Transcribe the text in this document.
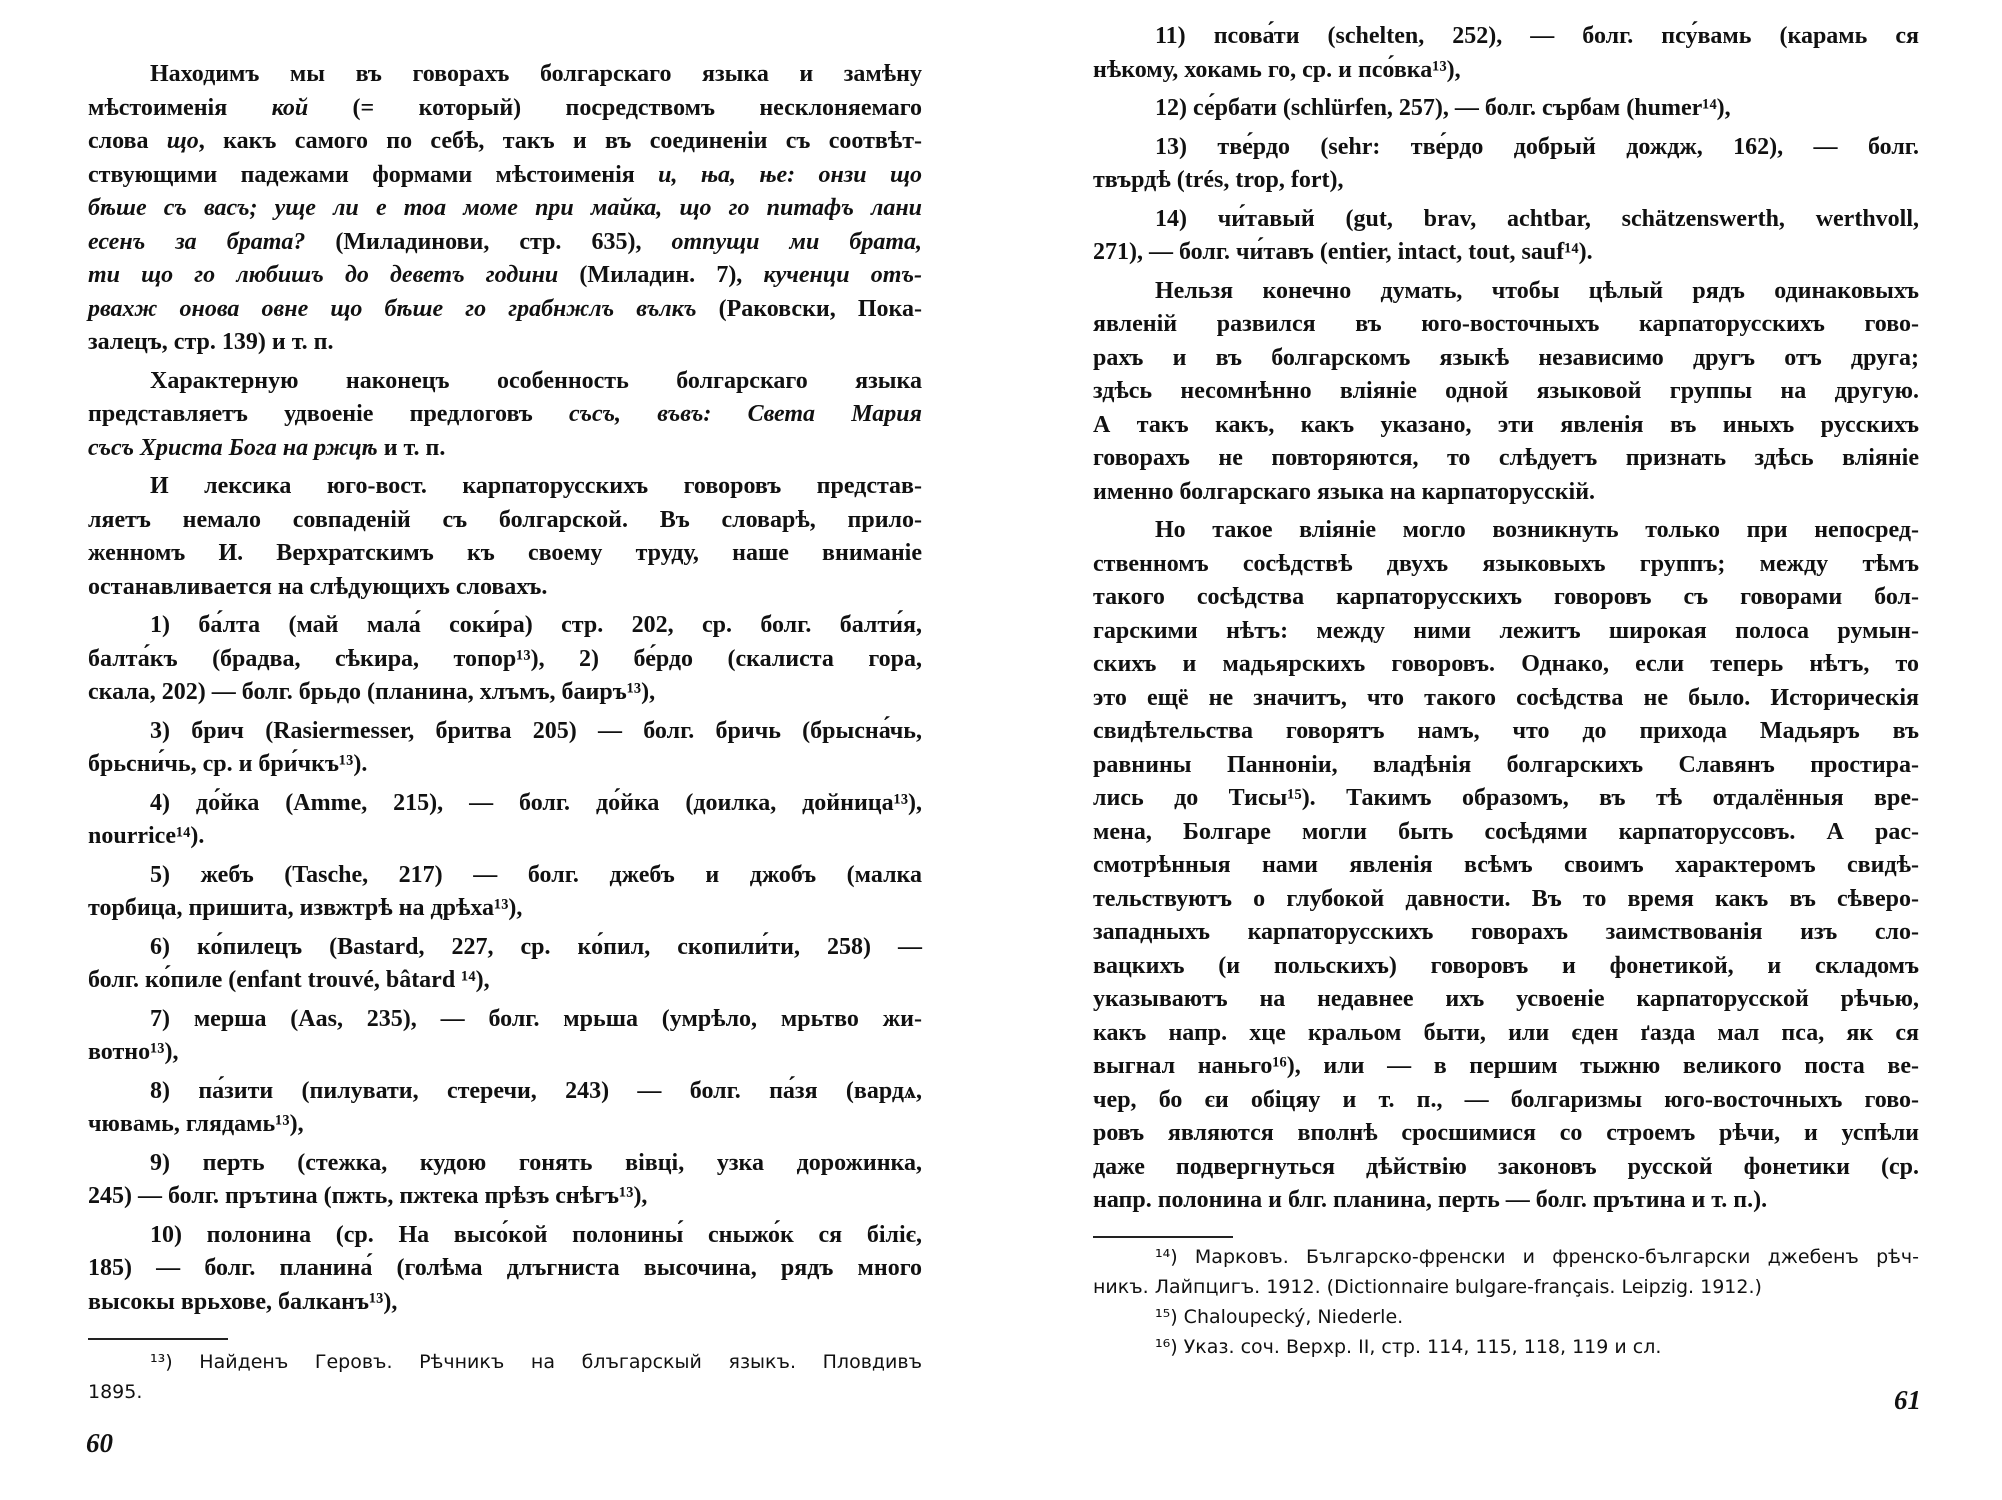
Находимъ мы въ говорахъ болгарскаго языка и замѣну
мѣстоименія кой (= который) посредствомъ несклоняемаго
слова що, какъ самого по себѣ, такъ и въ соединеніи съ соотвѣт-
ствующими падежами формами мѣстоименія и, ња, ње: онзи що
бѣше съ васъ; уще ли е тоа моме при майка, що го питафъ лани
есенъ за брата? (Миладинови, стр. 635), отпущи ми брата,
ти що го любишъ до деветъ години (Миладин. 7), кученци отъ-
рвахж онова овне що бѣше го грабнжлъ вълкъ (Раковски, Пока-
залецъ, стр. 139) и т. п.
Характерную наконецъ особенность болгарскаго языка
представляетъ удвоеніе предлоговъ съсъ, въвъ: Света Мария
съсъ Христа Бога на ржцѣ и т. п.
И лексика юго-вост. карпаторусскихъ говоровъ представ-
ляетъ немало совпаденій съ болгарской. Въ словарѣ, прило-
женномъ И. Верхратскимъ къ своему труду, наше вниманіе
останавливается на слѣдующихъ словахъ.
1) ба́лта (май мала́ соки́ра) стр. 202, ср. болг. балти́я,
балта́къ (брадва, сѣкира, топор¹³), 2) бе́рдо (скалиста гора,
скала, 202) — болг. брьдо (планина, хлъмъ, баиръ¹³),
3) брич (Rasiermesser, бритва 205) — болг. бричь (брысна́чь,
брьсни́чь, ср. и бри́чкъ¹³).
4) до́йка (Amme, 215), — болг. до́йка (доилка, дойница¹³),
nourrice¹⁴).
5) жебъ (Tasche, 217) — болг. джебъ и джобъ (малка
торбица, пришита, извжтрѣ на дрѣха¹³),
6) ко́пилецъ (Bastard, 227, ср. ко́пил, скопили́ти, 258) —
болг. ко́пиле (enfant trouvé, bâtard ¹⁴),
7) мерша (Aas, 235), — болг. мрьша (умрѣло, мрьтво жи-
вотно¹³),
8) па́зити (пилувати, стеречи, 243) — болг. па́зя (вардѧ,
чювамь, глядамь¹³),
9) перть (стежка, кудою гонять вівці, узка дорожинка,
245) — болг. прътина (пжть, пжтека прѣзъ снѣгъ¹³),
10) полонина (ср. На высо́кой полонины́ сныжо́к ся бiлiє,
185) — болг. планина́ (голѣма длъгниста высочина, рядъ много
высокы врьхове, балканъ¹³),
¹³) Найденъ Геровъ. Рѣчникъ на блъгарскый языкъ. Пловдивъ
1895.
60
11) псова́ти (schelten, 252), — болг. псу́вамь (карамь ся
нѣкому, хокамь го, ср. и псо́вка¹³),
12) се́рбати (schlürfen, 257), — болг. сърбам (humer¹⁴),
13) тве́рдо (sehr: тве́рдо добрый дождж, 162), — болг.
твърдѣ (trés, trop, fort),
14) чи́тавый (gut, brav, achtbar, schätzenswerth, werthvoll,
271), — болг. чи́тавъ (entier, intact, tout, sauf¹⁴).
Нельзя конечно думать, чтобы цѣлый рядъ одинаковыхъ
явленій развился въ юго-восточныхъ карпаторусскихъ гово-
рахъ и въ болгарскомъ языкѣ независимо другъ отъ друга;
здѣсь несомнѣнно вліяніе одной языковой группы на другую.
А такъ какъ, какъ указано, эти явленія въ иныхъ русскихъ
говорахъ не повторяются, то слѣдуетъ признать здѣсь вліяніе
именно болгарскаго языка на карпаторусскій.
Но такое вліяніе могло возникнуть только при непосред-
ственномъ сосѣдствѣ двухъ языковыхъ группъ; между тѣмъ
такого сосѣдства карпаторусскихъ говоровъ съ говорами бол-
гарскими нѣтъ: между ними лежитъ широкая полоса румын-
скихъ и мадьярскихъ говоровъ. Однако, если теперь нѣтъ, то
это ещё не значитъ, что такого сосѣдства не было. Историческія
свидѣтельства говорятъ намъ, что до прихода Мадьяръ въ
равнины Панноніи, владѣнія болгарскихъ Славянъ простира-
лись до Тисы¹⁵). Такимъ образомъ, въ тѣ отдалённыя вре-
мена, Болгаре могли быть сосѣдями карпаторуссовъ. А рас-
смотрѣнныя нами явленія всѣмъ своимъ характеромъ свидѣ-
тельствуютъ о глубокой давности. Въ то время какъ въ сѣверо-
западныхъ карпаторусскихъ говорахъ заимствованія изъ сло-
вацкихъ (и польскихъ) говоровъ и фонетикой, и складомъ
указываютъ на недавнее ихъ усвоеніе карпаторусской рѣчью,
какъ напр. хце кральом быти, или єден ґазда мал пса, як ся
выгнал наньго¹⁶), или — в першим тыжню великого поста ве-
чер, бо єи обіцяу и т. п., — болгаризмы юго-восточныхъ гово-
ровъ являются вполнѣ сросшимися со строемъ рѣчи, и успѣли
даже подвергнуться дѣйствію законовъ русской фонетики (ср.
напр. полонина и блг. планина, перть — болг. прътина и т. п.).
¹⁴) Марковъ. Българско-френски и френско-български джебенъ рѣч-
никъ. Лайпцигъ. 1912. (Dictionnaire bulgare-français. Leipzig. 1912.)
¹⁵) Chaloupecký, Niederle.
¹⁶) Указ. соч. Верхр. II, стр. 114, 115, 118, 119 и сл.
61
